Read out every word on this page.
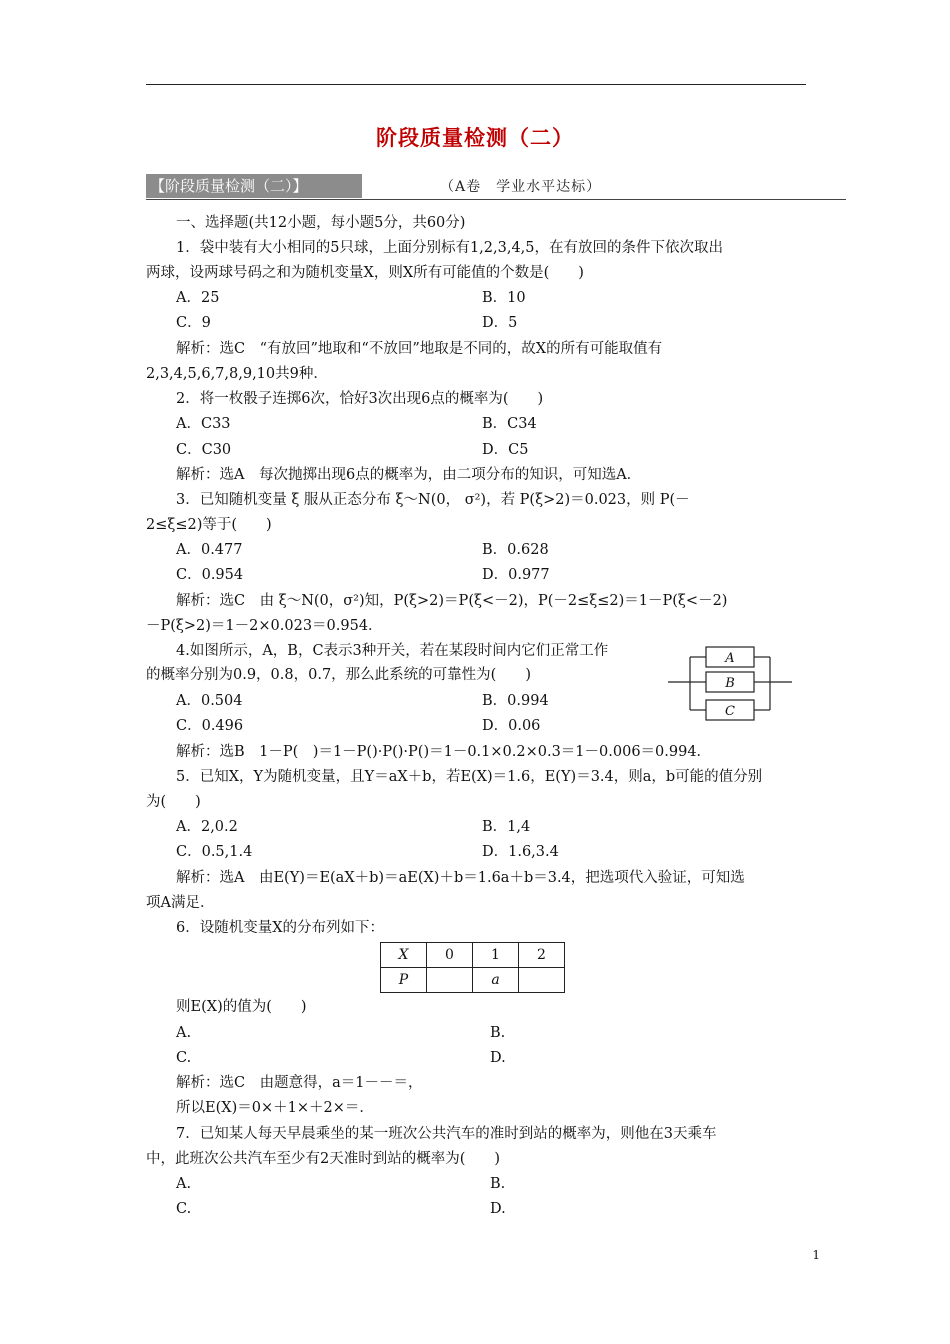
阶段质量检测（二）
【阶段质量检测（二）】	（A卷　学业水平达标）
一、选择题(共12小题，每小题5分，共60分)
1．袋中装有大小相同的5只球，上面分别标有1,2,3,4,5，在有放回的条件下依次取出
两球，设两球号码之和为随机变量X，则X所有可能值的个数是(　　)
A．25	B．10
C．9	D．5
解析：选C　“有放回”地取和“不放回”地取是不同的，故X的所有可能取值有
2,3,4,5,6,7,8,9,10共9种．
2．将一枚骰子连掷6次，恰好3次出现6点的概率为(　　)
A．C33	B．C34
C．C30	D．C5
解析：选A　每次抛掷出现6点的概率为，由二项分布的知识，可知选A．
3．已知随机变量 ξ 服从正态分布 ξ～N(0， σ²)，若 P(ξ>2)＝0.023，则 P(－
2≤ξ≤2)等于(　　)
A．0.477	B．0.628
C．0.954	D．0.977
解析：选C　由 ξ～N(0，σ²)知，P(ξ>2)＝P(ξ<－2)，P(－2≤ξ≤2)＝1－P(ξ<－2)
－P(ξ>2)＝1－2×0.023＝0.954．
4.如图所示，A，B，C表示3种开关，若在某段时间内它们正常工作
的概率分别为0.9，0.8，0.7，那么此系统的可靠性为(　　)
A．0.504	B．0.994
C．0.496	D．0.06
解析：选B　1－P(　)＝1－P()·P()·P()＝1－0.1×0.2×0.3＝1－0.006＝0.994．
5．已知X，Y为随机变量，且Y＝aX＋b，若E(X)＝1.6，E(Y)＝3.4，则a，b可能的值分别
为(　　)
A．2,0.2	B．1,4
C．0.5,1.4	D．1.6,3.4
解析：选A　由E(Y)＝E(aX＋b)＝aE(X)＋b＝1.6a＋b＝3.4，把选项代入验证，可知选
项A满足．
6．设随机变量X的分布列如下：
X	0	1	2
P		a	
则E(X)的值为(　　)
A.	B.
C.	D.
解析：选C　由题意得，a＝1－－＝，
所以E(X)＝0×＋1×＋2×＝．
7．已知某人每天早晨乘坐的某一班次公共汽车的准时到站的概率为，则他在3天乘车
中，此班次公共汽车至少有2天准时到站的概率为(　　)
A.	B.
C.	D.
A
B
C
1
